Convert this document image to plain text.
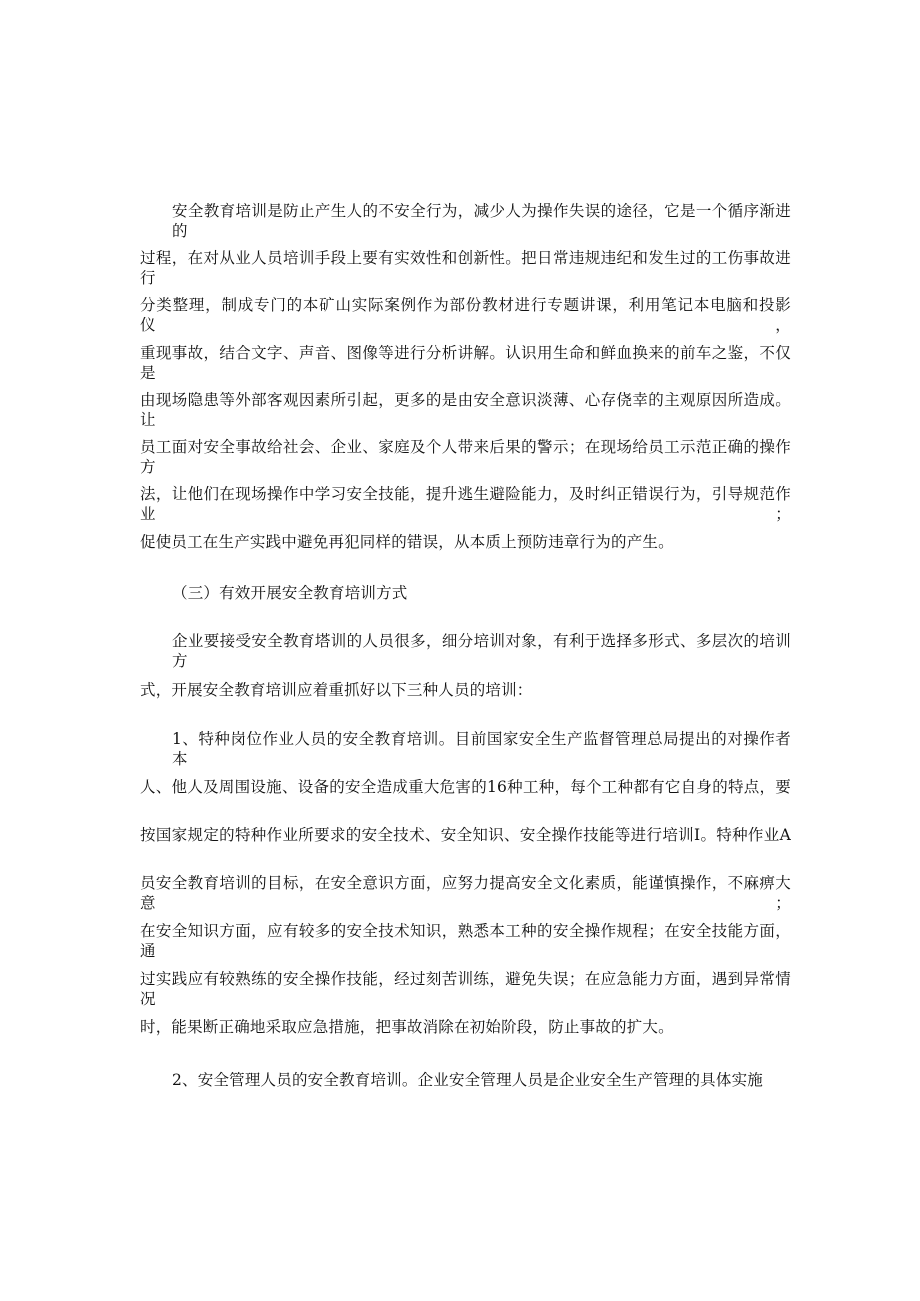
安全教育培训是防止产生人的不安全行为，减少人为操作失误的途径，它是一个循序渐进的
过程，在对从业人员培训手段上要有实效性和创新性。把日常违规违纪和发生过的工伤事故进行
分类整理，制成专门的本矿山实际案例作为部份教材进行专题讲课，利用笔记本电脑和投影仪，
重现事故，结合文字、声音、图像等进行分析讲解。认识用生命和鲜血换来的前车之鉴，不仅是
由现场隐患等外部客观因素所引起，更多的是由安全意识淡薄、心存侥幸的主观原因所造成。让
员工面对安全事故给社会、企业、家庭及个人带来后果的警示；在现场给员工示范正确的操作方
法，让他们在现场操作中学习安全技能，提升逃生避险能力，及时纠正错误行为，引导规范作业；
促使员工在生产实践中避免再犯同样的错误，从本质上预防违章行为的产生。
（三）有效开展安全教育培训方式
企业要接受安全教育塔训的人员很多，细分培训对象，有利于选择多形式、多层次的培训方
式，开展安全教育培训应着重抓好以下三种人员的培训：
1、特种岗位作业人员的安全教育培训。目前国家安全生产监督管理总局提出的对操作者本
人、他人及周围设施、设备的安全造成重大危害的16种工种，每个工种都有它自身的特点，要
按国家规定的特种作业所要求的安全技术、安全知识、安全操作技能等进行培训I。特种作业A
员安全教育培训的目标，在安全意识方面，应努力提高安全文化素质，能谨慎操作，不麻痹大意；
在安全知识方面，应有较多的安全技术知识，熟悉本工种的安全操作规程；在安全技能方面，通
过实践应有较熟练的安全操作技能，经过刻苦训练，避免失误；在应急能力方面，遇到异常情况
时，能果断正确地采取应急措施，把事故消除在初始阶段，防止事故的扩大。
2、安全管理人员的安全教育培训。企业安全管理人员是企业安全生产管理的具体实施
